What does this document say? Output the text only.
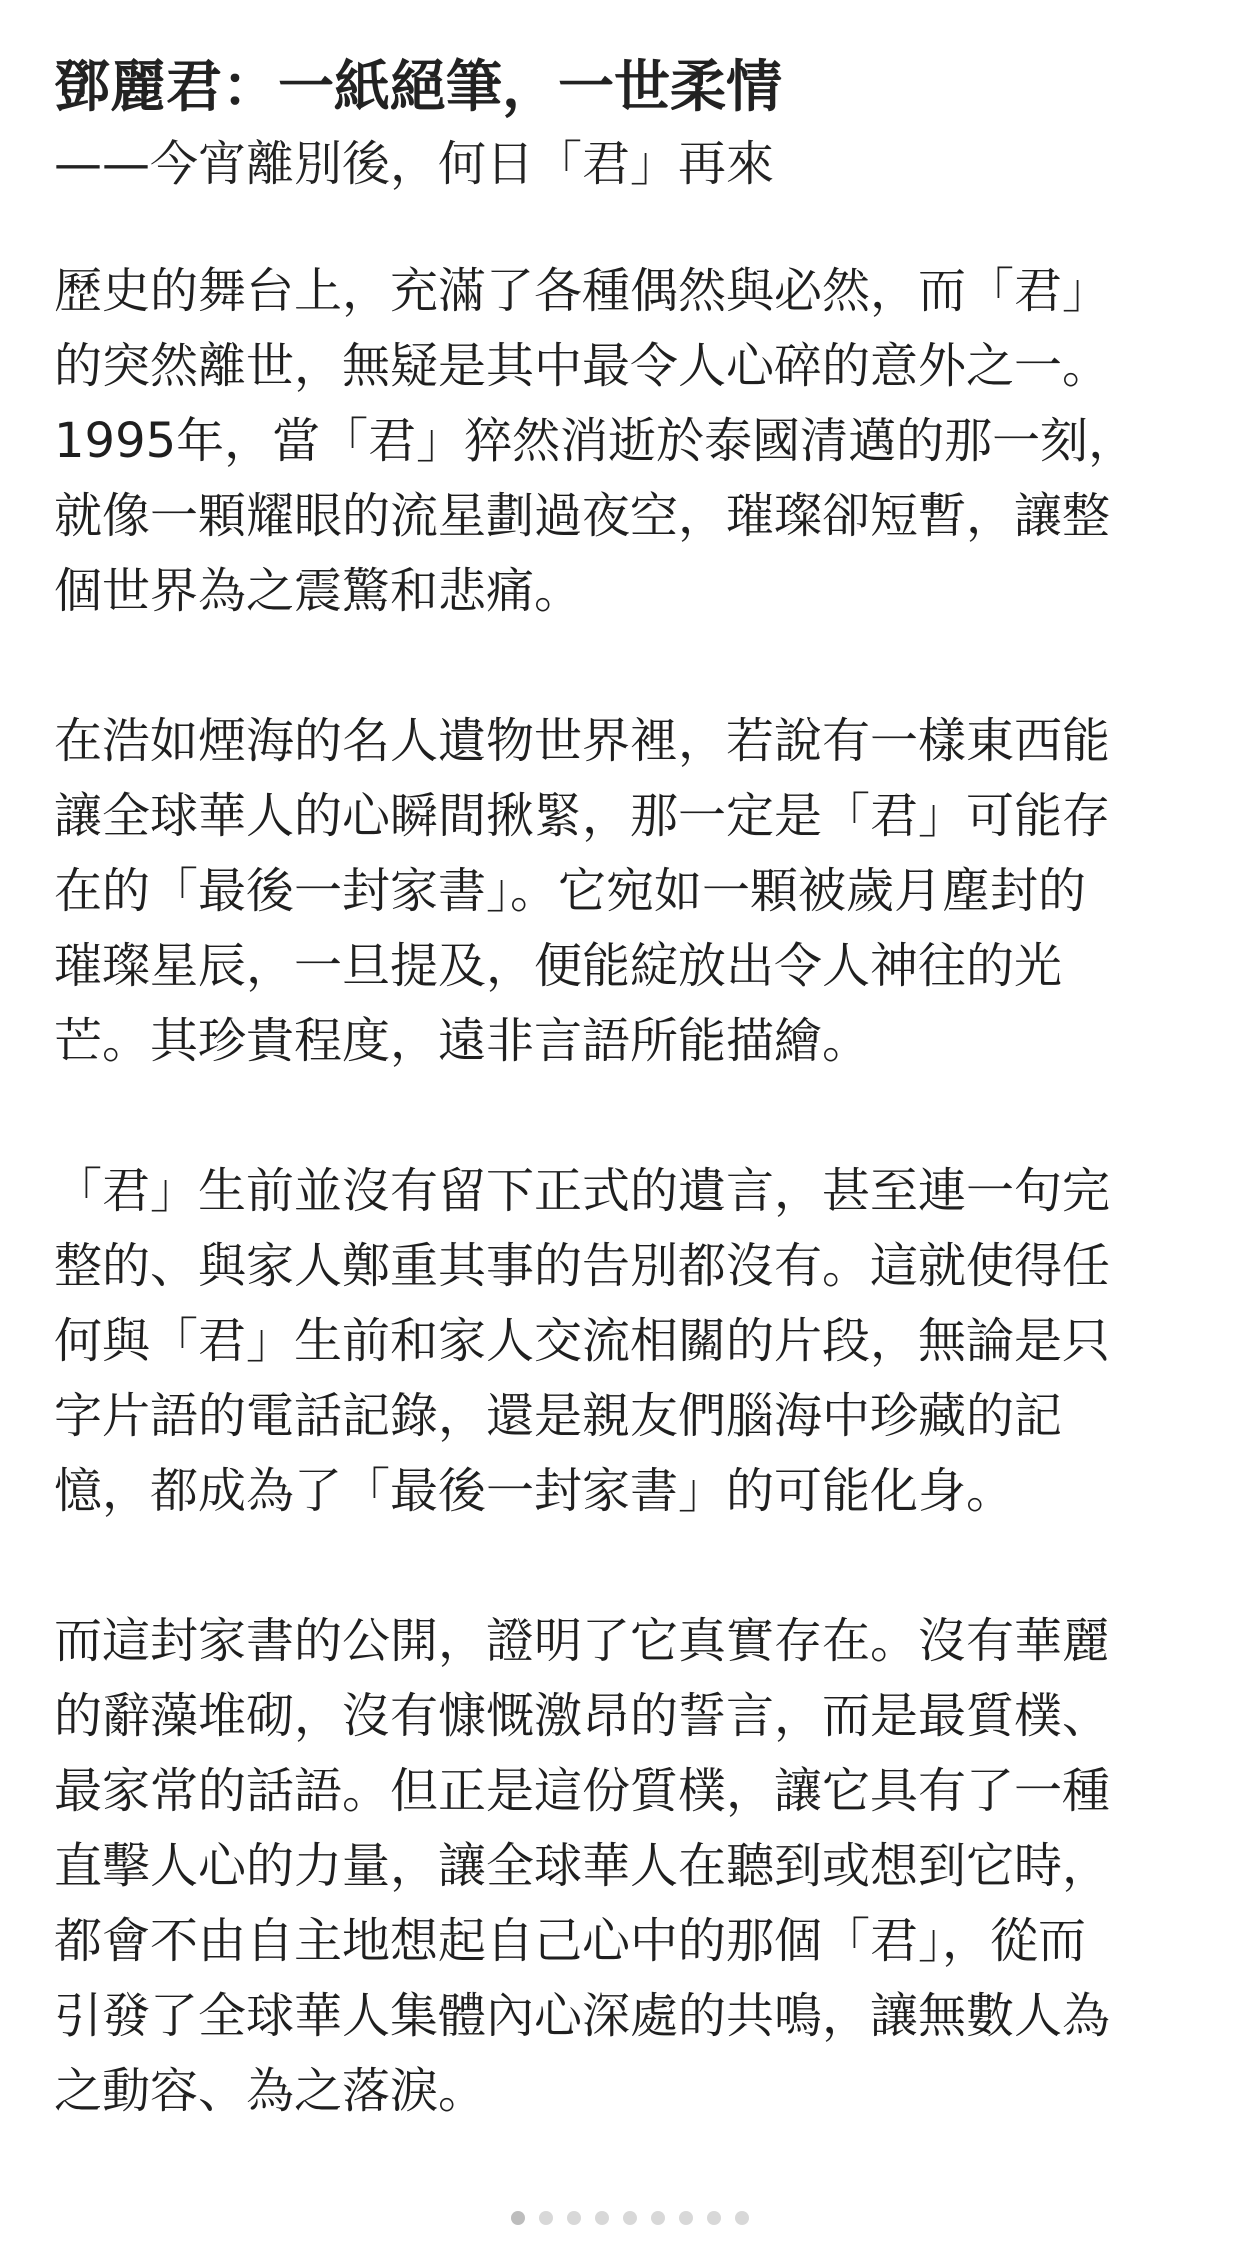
鄧麗君：一紙絕筆，一世柔情
——今宵離別後，何日「君」再來
歷史的舞台上，充滿了各種偶然與必然，而「君」
的突然離世，無疑是其中最令人心碎的意外之一。
1995年，當「君」猝然消逝於泰國清邁的那一刻，
就像一顆耀眼的流星劃過夜空，璀璨卻短暫，讓整
個世界為之震驚和悲痛。
在浩如煙海的名人遺物世界裡，若說有一樣東西能
讓全球華人的心瞬間揪緊，那一定是「君」可能存
在的「最後一封家書」。它宛如一顆被歲月塵封的
璀璨星辰，一旦提及，便能綻放出令人神往的光
芒。其珍貴程度，遠非言語所能描繪。
「君」生前並沒有留下正式的遺言，甚至連一句完
整的、與家人鄭重其事的告別都沒有。這就使得任
何與「君」生前和家人交流相關的片段，無論是只
字片語的電話記錄，還是親友們腦海中珍藏的記
憶，都成為了「最後一封家書」的可能化身。
而這封家書的公開，證明了它真實存在。沒有華麗
的辭藻堆砌，沒有慷慨激昂的誓言，而是最質樸、
最家常的話語。但正是這份質樸，讓它具有了一種
直擊人心的力量，讓全球華人在聽到或想到它時，
都會不由自主地想起自己心中的那個「君」，從而
引發了全球華人集體內心深處的共鳴，讓無數人為
之動容、為之落淚。
